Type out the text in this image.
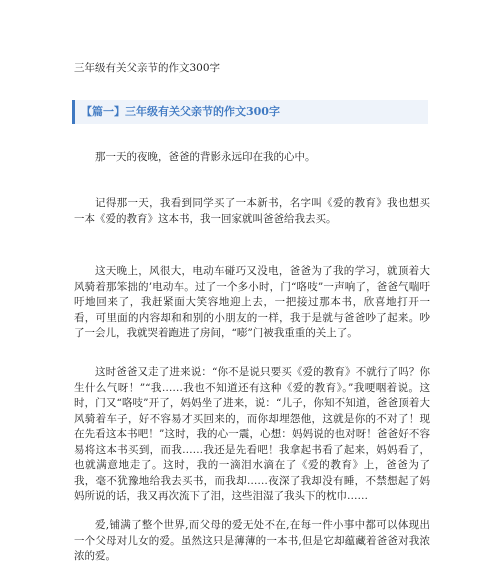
三年级有关父亲节的作文300字
【篇一】三年级有关父亲节的作文300字

那一天的夜晚，爸爸的背影永远印在我的心中。

记得那一天，我看到同学买了一本新书，名字叫《爱的教育》我也想买一本《爱的教育》这本书，我一回家就叫爸爸给我去买。

这天晚上，风很大，电动车碰巧又没电，爸爸为了我的学习，就顶着大风骑着那笨拙的’电动车。过了一个多小时，门“咯吱”一声响了，爸爸气喘吁吁地回来了，我赶紧面大笑容地迎上去，一把接过那本书，欣喜地打开一看，可里面的内容却和和别的小朋友的一样，我于是就与爸爸吵了起来。吵了一会儿，我就哭着跑进了房间，“嘭”门被我重重的关上了。

这时爸爸又走了进来说：“你不是说只要买《爱的教育》不就行了吗？你生什么气呀！”“我……我也不知道还有这种《爱的教育》。”我哽咽着说。这时，门又“咯吱”开了，妈妈坐了进来，说：“儿子，你知不知道，爸爸顶着大风骑着车子，好不容易才买回来的，而你却埋怨他，这就是你的不对了！现在先看这本书吧！”这时，我的心一震，心想：妈妈说的也对呀！爸爸好不容易将这本书买到，而我……我还是先看吧！我拿起书看了起来，妈妈看了，也就满意地走了。这时，我的一滴泪水滴在了《爱的教育》上，爸爸为了我，毫不犹豫地给我去买书，而我却……夜深了我却没有睡，不禁想起了妈妈所说的话，我又再次流下了泪，这些泪湿了我头下的枕巾……

爱,铺满了整个世界,而父母的爱无处不在,在每一件小事中都可以体现出一个父母对儿女的爱。虽然这只是薄薄的一本书,但是它却蕴藏着爸爸对我浓浓的爱。
